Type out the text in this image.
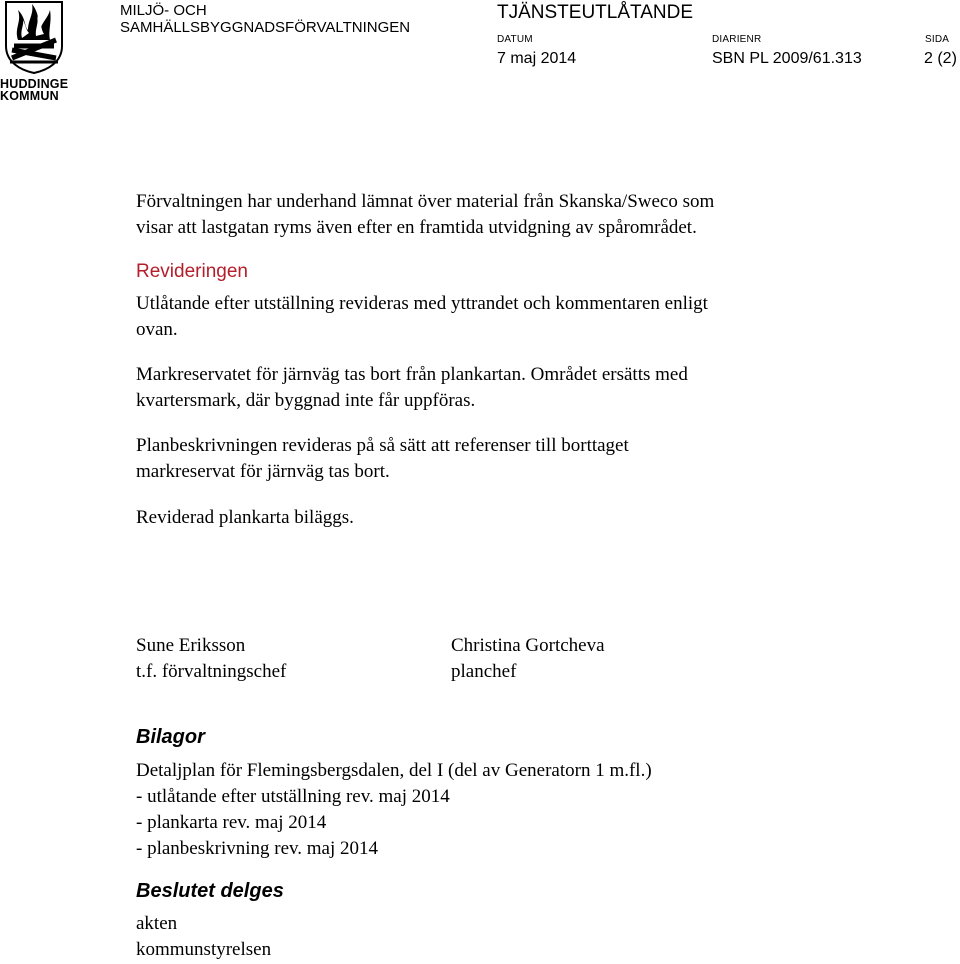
HUDDINGE
KOMMUN
MILJÖ- OCH
SAMHÄLLSBYGGNADSFÖRVALTNINGEN
TJÄNSTEUTLÅTANDE
DATUM	DIARIENR	SIDA
7 maj 2014	SBN PL 2009/61.313	2 (2)
Förvaltningen har underhand lämnat över material från Skanska/Sweco som
visar att lastgatan ryms även efter en framtida utvidgning av spårområdet.
Revideringen
Utlåtande efter utställning revideras med yttrandet och kommentaren enligt
ovan.
Markreservatet för järnväg tas bort från plankartan. Området ersätts med
kvartersmark, där byggnad inte får uppföras.
Planbeskrivningen revideras på så sätt att referenser till borttaget
markreservat för järnväg tas bort.
Reviderad plankarta biläggs.
Sune Eriksson
t.f. förvaltningschef
Christina Gortcheva
planchef
Bilagor
Detaljplan för Flemingsbergsdalen, del I (del av Generatorn 1 m.fl.)
- utlåtande efter utställning rev. maj 2014
- plankarta rev. maj 2014
- planbeskrivning rev. maj 2014
Beslutet delges
akten
kommunstyrelsen
